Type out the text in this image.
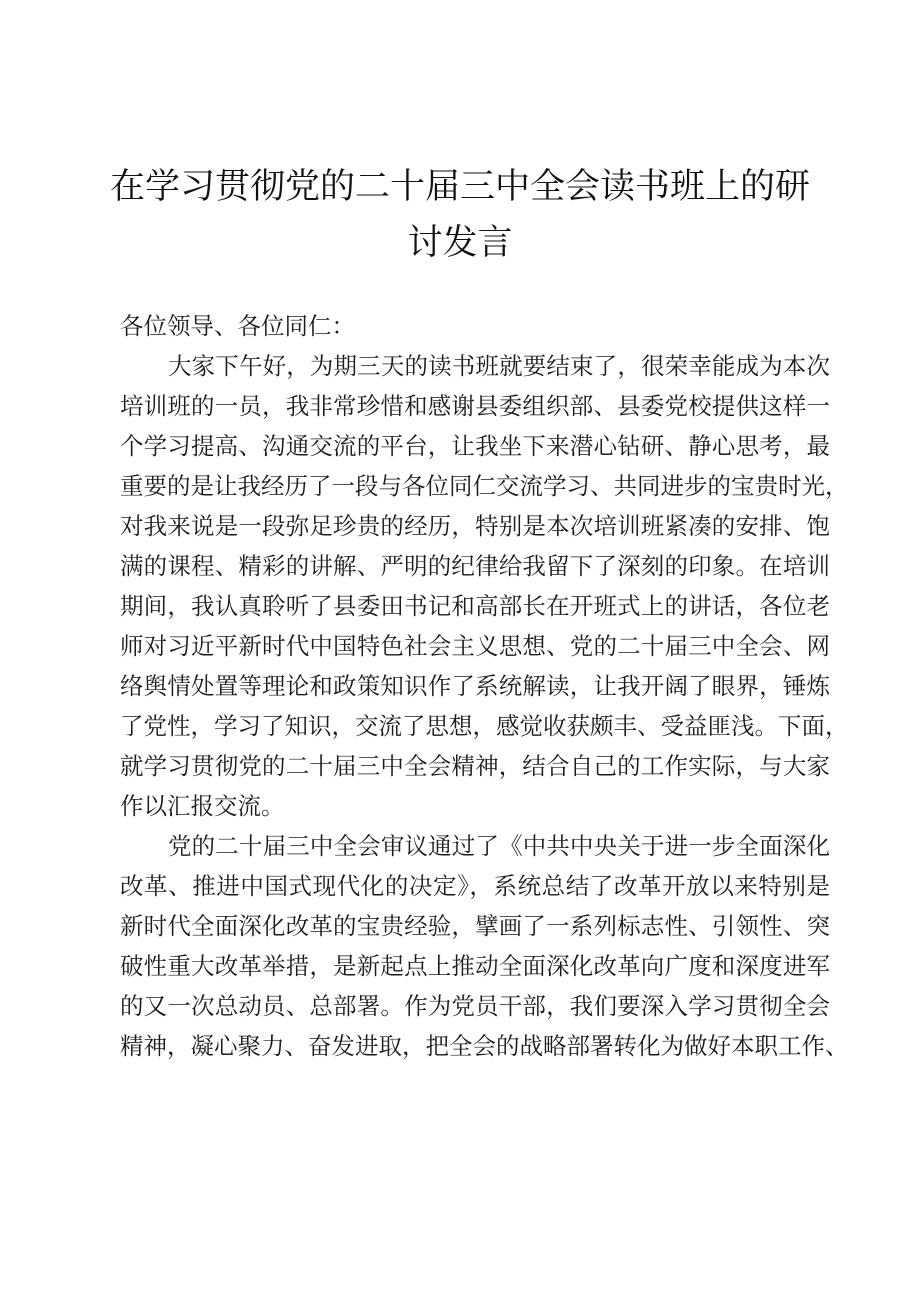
在学习贯彻党的二十届三中全会读书班上的研
讨发言
各位领导、各位同仁：
大家下午好，为期三天的读书班就要结束了，很荣幸能成为本次
培训班的一员，我非常珍惜和感谢县委组织部、县委党校提供这样一
个学习提高、沟通交流的平台，让我坐下来潜心钻研、静心思考，最
重要的是让我经历了一段与各位同仁交流学习、共同进步的宝贵时光，
对我来说是一段弥足珍贵的经历，特别是本次培训班紧凑的安排、饱
满的课程、精彩的讲解、严明的纪律给我留下了深刻的印象。在培训
期间，我认真聆听了县委田书记和高部长在开班式上的讲话，各位老
师对习近平新时代中国特色社会主义思想、党的二十届三中全会、网
络舆情处置等理论和政策知识作了系统解读，让我开阔了眼界，锤炼
了党性，学习了知识，交流了思想，感觉收获颇丰、受益匪浅。下面，
就学习贯彻党的二十届三中全会精神，结合自己的工作实际，与大家
作以汇报交流。
党的二十届三中全会审议通过了《中共中央关于进一步全面深化
改革、推进中国式现代化的决定》，系统总结了改革开放以来特别是
新时代全面深化改革的宝贵经验，擘画了一系列标志性、引领性、突
破性重大改革举措，是新起点上推动全面深化改革向广度和深度进军
的又一次总动员、总部署。作为党员干部，我们要深入学习贯彻全会
精神，凝心聚力、奋发进取，把全会的战略部署转化为做好本职工作、
